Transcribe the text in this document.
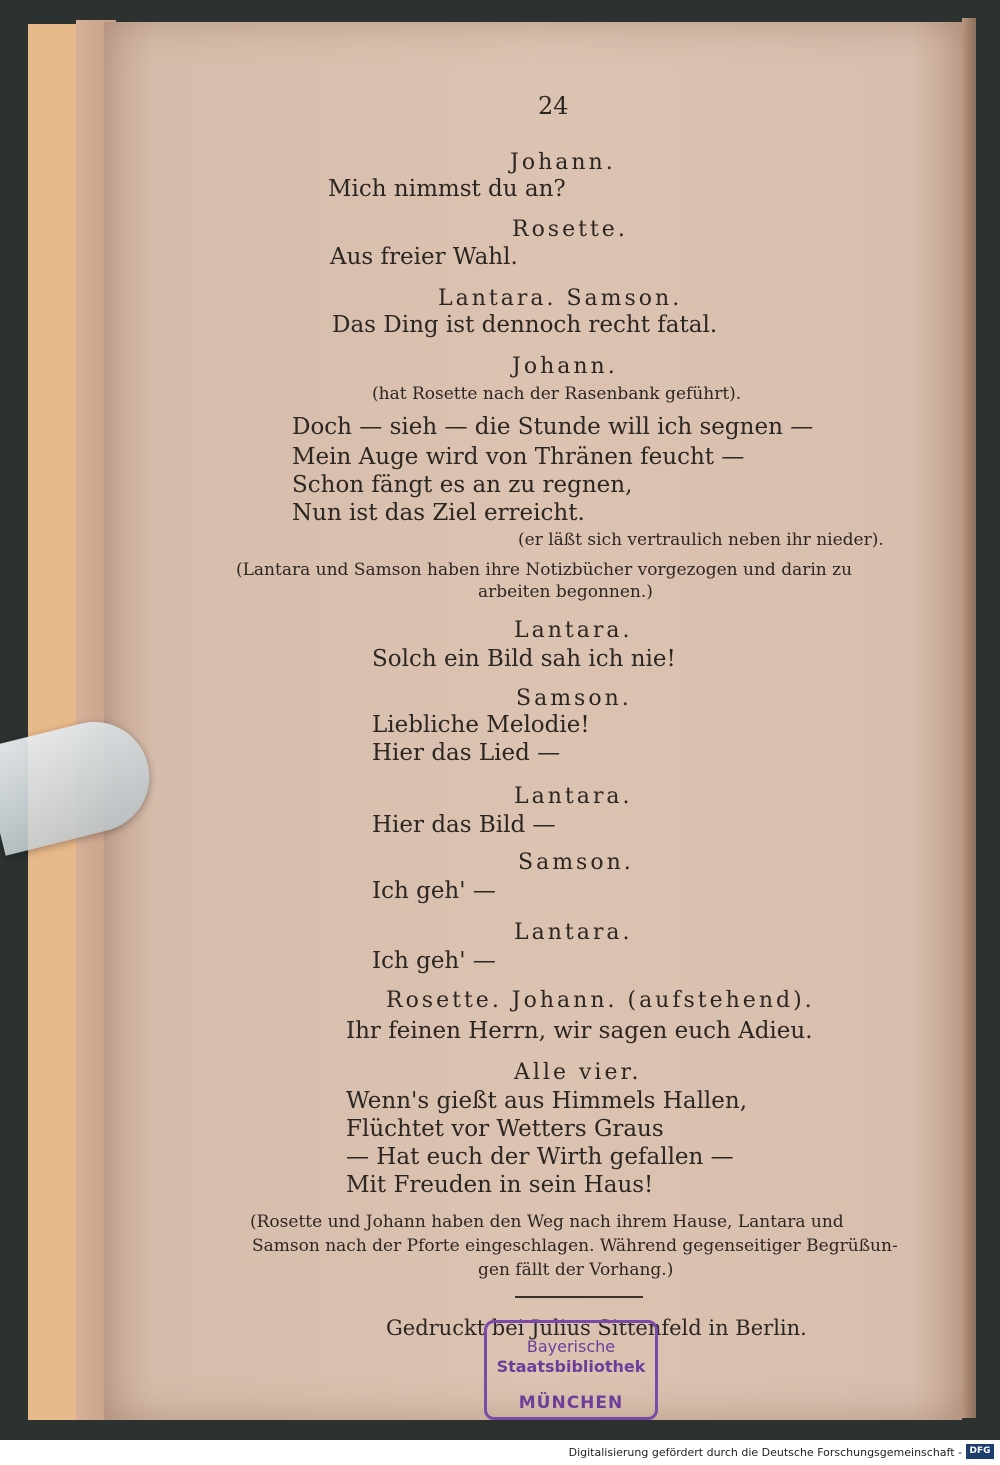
24
Johann.
Mich nimmst du an?
Rosette.
Aus freier Wahl.
Lantara. Samson.
Das Ding ist dennoch recht fatal.
Johann.
(hat Rosette nach der Rasenbank geführt).
Doch — sieh — die Stunde will ich segnen —
Mein Auge wird von Thränen feucht —
Schon fängt es an zu regnen,
Nun ist das Ziel erreicht.
(er läßt sich vertraulich neben ihr nieder).
(Lantara und Samson haben ihre Notizbücher vorgezogen und darin zu
arbeiten begonnen.)
Lantara.
Solch ein Bild sah ich nie!
Samson.
Liebliche Melodie!
Hier das Lied —
Lantara.
Hier das Bild —
Samson.
Ich geh' —
Lantara.
Ich geh' —
Rosette. Johann. (aufstehend).
Ihr feinen Herrn, wir sagen euch Adieu.
Alle vier.
Wenn's gießt aus Himmels Hallen,
Flüchtet vor Wetters Graus
— Hat euch der Wirth gefallen —
Mit Freuden in sein Haus!
(Rosette und Johann haben den Weg nach ihrem Hause, Lantara und
Samson nach der Pforte eingeschlagen. Während gegenseitiger Begrüßun-
gen fällt der Vorhang.)
Gedruckt bei Julius Sittenfeld in Berlin.
Bayerische
Staatsbibliothek
MÜNCHEN
Digitalisierung gefördert durch die Deutsche Forschungsgemeinschaft - DFG
